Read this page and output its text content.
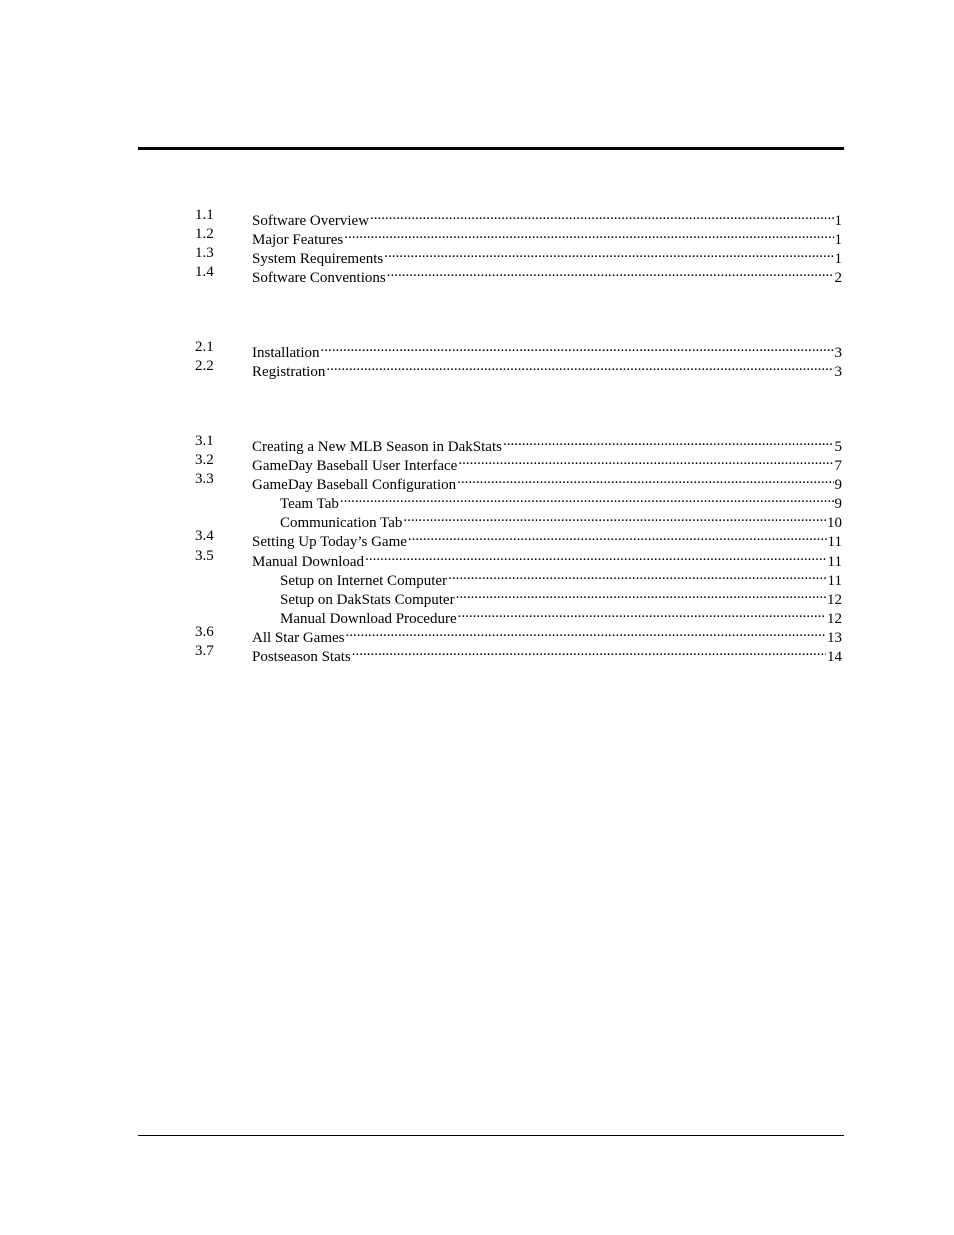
1.1	Software Overview .....	1
1.2	Major Features .....	1
1.3	System Requirements .....	1
1.4	Software Conventions .....	2
2.1	Installation .....	3
2.2	Registration .....	3
3.1	Creating a New MLB Season in DakStats .....	5
3.2	GameDay Baseball User Interface .....	7
3.3	GameDay Baseball Configuration .....	9
Team Tab .....	9
Communication Tab .....	10
3.4	Setting Up Today’s Game .....	11
3.5	Manual Download .....	11
Setup on Internet Computer .....	11
Setup on DakStats Computer .....	12
Manual Download Procedure .....	12
3.6	All Star Games .....	13
3.7	Postseason Stats .....	14
